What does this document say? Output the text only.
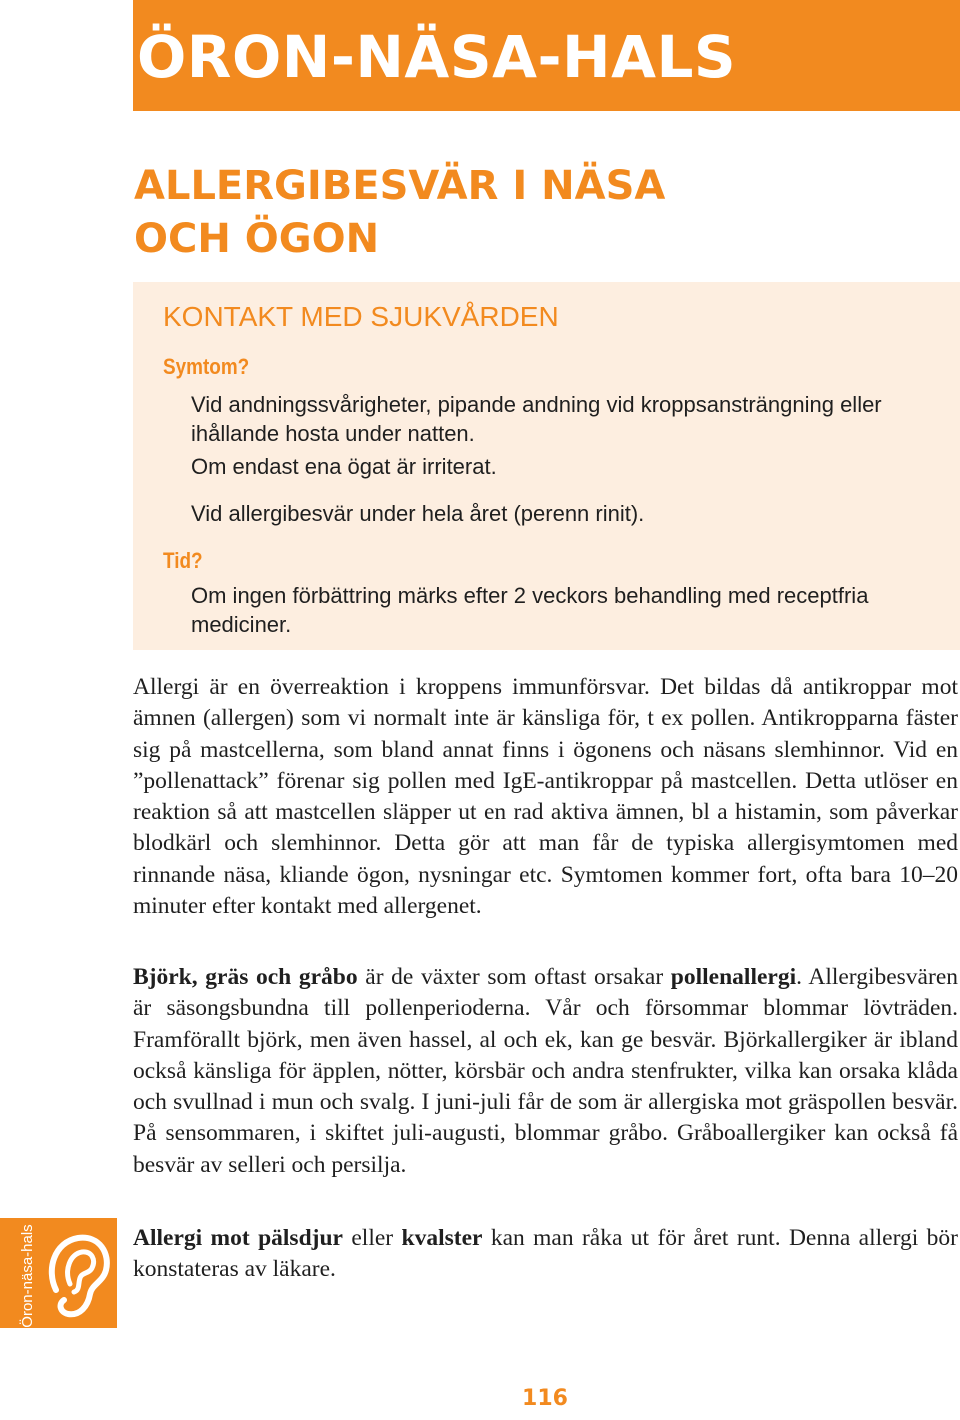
ÖRON-NÄSA-HALS
ALLERGIBESVÄR I NÄSA
OCH ÖGON
KONTAKT MED SJUKVÅRDEN

Symtom?

Vid andningssvårigheter, pipande andning vid kroppsansträngning eller ihållande hosta under natten.

Om endast ena ögat är irriterat.

Vid allergibesvär under hela året (perenn rinit).

Tid?

Om ingen förbättring märks efter 2 veckors behandling med receptfria mediciner.

Allergi är en överreaktion i kroppens immunförsvar. Det bildas då antikroppar mot ämnen (allergen) som vi normalt inte är känsliga för, t ex pollen. Antikropparna fäster sig på mastcellerna, som bland annat finns i ögonens och näsans slemhinnor. Vid en ”pollenattack” förenar sig pollen med IgE-antikroppar på mastcellen. Detta utlöser en reaktion så att mastcellen släpper ut en rad aktiva ämnen, bl a histamin, som påverkar blodkärl och slemhinnor. Detta gör att man får de typiska allergisymtomen med rinnande näsa, kliande ögon, nysningar etc. Symtomen kommer fort, ofta bara 10–20 minuter efter kontakt med allergenet.

Björk, gräs och gråbo är de växter som oftast orsakar pollenallergi. Allergibesvären är säsongsbundna till pollenperioderna. Vår och försommar blommar lövträden. Framförallt björk, men även hassel, al och ek, kan ge besvär. Björkallergiker är ibland också känsliga för äpplen, nötter, körsbär och andra stenfrukter, vilka kan orsaka klåda och svullnad i mun och svalg. I juni-juli får de som är allergiska mot gräspollen besvär. På sensommaren, i skiftet juli-augusti, blommar gråbo. Gråboallergiker kan också få besvär av selleri och persilja.

Allergi mot pälsdjur eller kvalster kan man råka ut för året runt. Denna allergi bör konstateras av läkare.

Öron-näsa-hals

116
